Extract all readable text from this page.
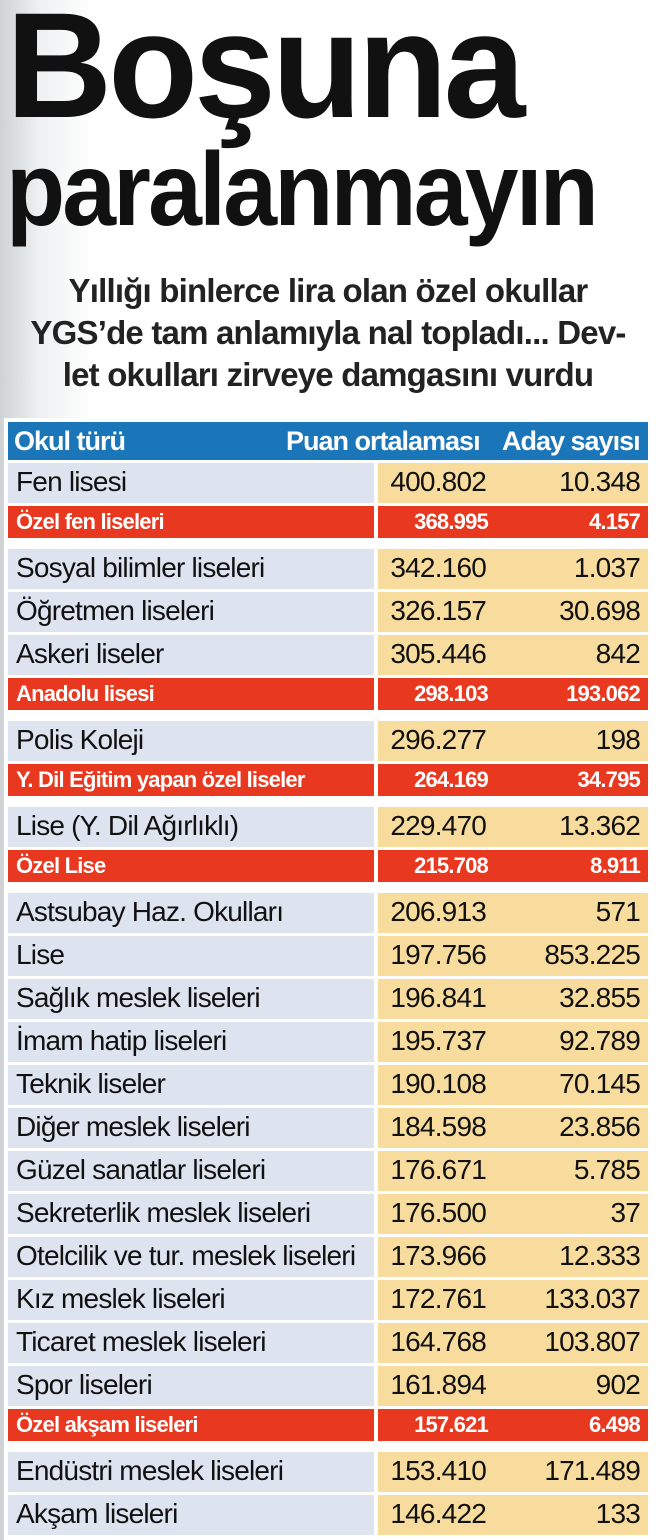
Boşuna
paralanmayın
Yıllığı binlerce lira olan özel okullar
YGS’de tam anlamıyla nal topladı... Dev-
let okulları zirveye damgasını vurdu
Okul türü	Puan ortalaması Aday sayısı
Fen lisesi	400.802	10.348
Özel fen liseleri	368.995	4.157
Sosyal bilimler liseleri	342.160	1.037
Öğretmen liseleri	326.157	30.698
Askeri liseler	305.446	842
Anadolu lisesi	298.103	193.062
Polis Koleji	296.277	198
Y. Dil Eğitim yapan özel liseler	264.169	34.795
Lise (Y. Dil Ağırlıklı)	229.470	13.362
Özel Lise	215.708	8.911
Astsubay Haz. Okulları	206.913	571
Lise	197.756	853.225
Sağlık meslek liseleri	196.841	32.855
İmam hatip liseleri	195.737	92.789
Teknik liseler	190.108	70.145
Diğer meslek liseleri	184.598	23.856
Güzel sanatlar liseleri	176.671	5.785
Sekreterlik meslek liseleri	176.500	37
Otelcilik ve tur. meslek liseleri	173.966	12.333
Kız meslek liseleri	172.761	133.037
Ticaret meslek liseleri	164.768	103.807
Spor liseleri	161.894	902
Özel akşam liseleri	157.621	6.498
Endüstri meslek liseleri	153.410	171.489
Akşam liseleri	146.422	133
